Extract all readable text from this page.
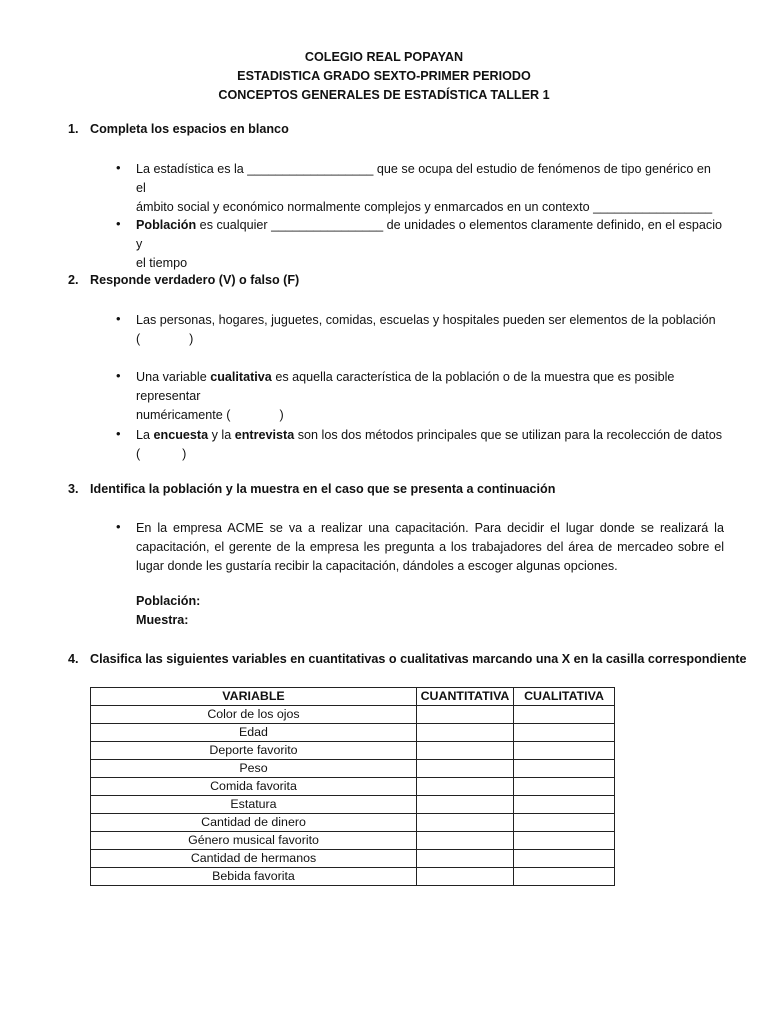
COLEGIO REAL POPAYAN
ESTADISTICA GRADO SEXTO-PRIMER PERIODO
CONCEPTOS GENERALES DE ESTADÍSTICA TALLER 1
1. Completa los espacios en blanco
• La estadística es la __________________ que se ocupa del estudio de fenómenos de tipo genérico en el
ámbito social y económico normalmente complejos y enmarcados en un contexto _________________
• Población es cualquier ________________ de unidades o elementos claramente definido, en el espacio y
el tiempo
2. Responde verdadero (V) o falso (F)
• Las personas, hogares, juguetes, comidas, escuelas y hospitales pueden ser elementos de la población
(              )
• Una variable cualitativa es aquella característica de la población o de la muestra que es posible representar
numéricamente (              )
• La encuesta y la entrevista son los dos métodos principales que se utilizan para la recolección de datos
(            )
3. Identifica la población y la muestra en el caso que se presenta a continuación
• En la empresa ACME se va a realizar una capacitación. Para decidir el lugar donde se realizará la capacitación, el gerente de la empresa les pregunta a los trabajadores del área de mercadeo sobre el lugar donde les gustaría recibir la capacitación, dándoles a escoger algunas opciones.
Población:
Muestra:
4. Clasifica las siguientes variables en cuantitativas o cualitativas marcando una X en la casilla correspondiente
VARIABLE	CUANTITATIVA	CUALITATIVA
Color de los ojos		
Edad		
Deporte favorito		
Peso		
Comida favorita		
Estatura		
Cantidad de dinero		
Género musical favorito		
Cantidad de hermanos		
Bebida favorita		
